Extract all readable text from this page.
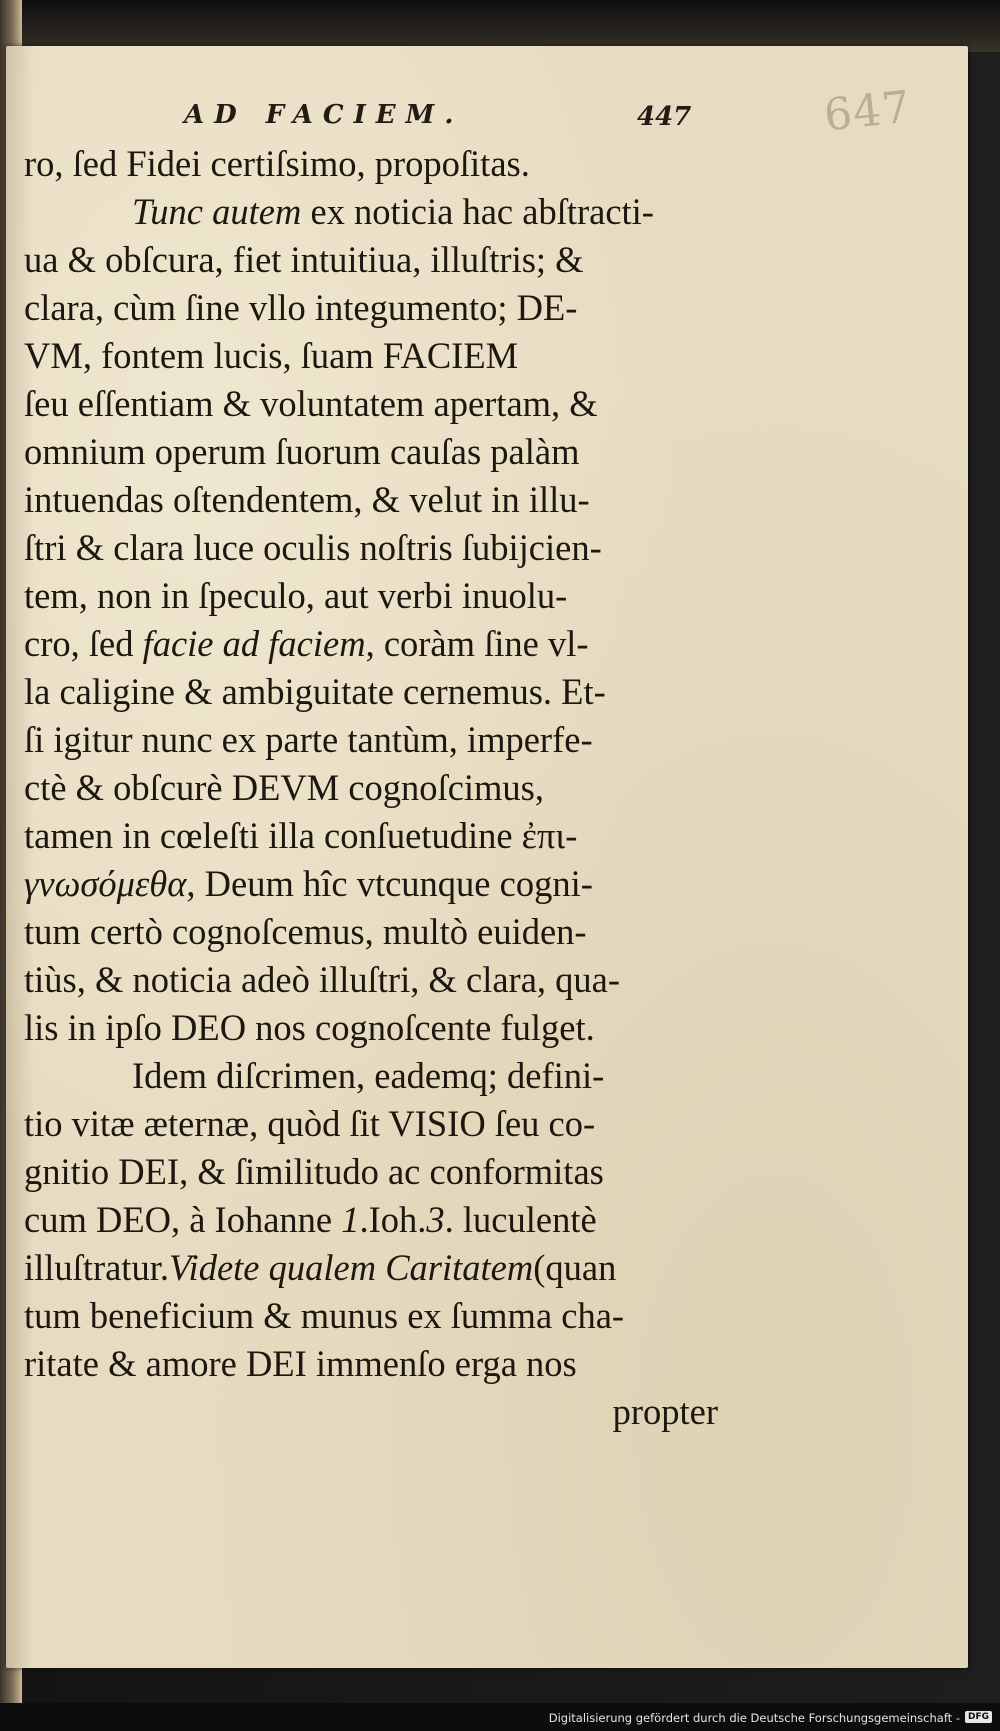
647
AD FACIEM.	447
ro, ſed Fidei certiſsimo, propoſitas.
Tunc autem ex noticia hac abſtracti-
ua & obſcura, fiet intuitiua, illuſtris; &
clara, cùm ſine vllo integumento; DE-
VM, fontem lucis, ſuam FACIEM
ſeu eſſentiam & voluntatem apertam, &
omnium operum ſuorum cauſas palàm
intuendas oſtendentem, & velut in illu-
ſtri & clara luce oculis noſtris ſubijcien-
tem, non in ſpeculo, aut verbi inuolu-
cro, ſed facie ad faciem, coràm ſine vl-
la caligine & ambiguitate cernemus. Et-
ſi igitur nunc ex parte tantùm, imperfe-
ctè & obſcurè DEVM cognoſcimus,
tamen in cœleſti illa conſuetudine ἐπι-
γνωσόμεθα, Deum hîc vtcunque cogni-
tum certò cognoſcemus, multò euiden-
tiùs, & noticia adeò illuſtri, & clara, qua-
lis in ipſo DEO nos cognoſcente fulget.
Idem diſcrimen, eademq; defini-
tio vitæ æternæ, quòd ſit VISIO ſeu co-
gnitio DEI, & ſimilitudo ac conformitas
cum DEO, à Iohanne 1.Ioh.3. luculentè
illuſtratur.Videte qualem Caritatem(quan
tum beneficium & munus ex ſumma cha-
ritate & amore DEI immenſo erga nos
propter
Digitalisierung gefördert durch die Deutsche Forschungsgemeinschaft - DFG
